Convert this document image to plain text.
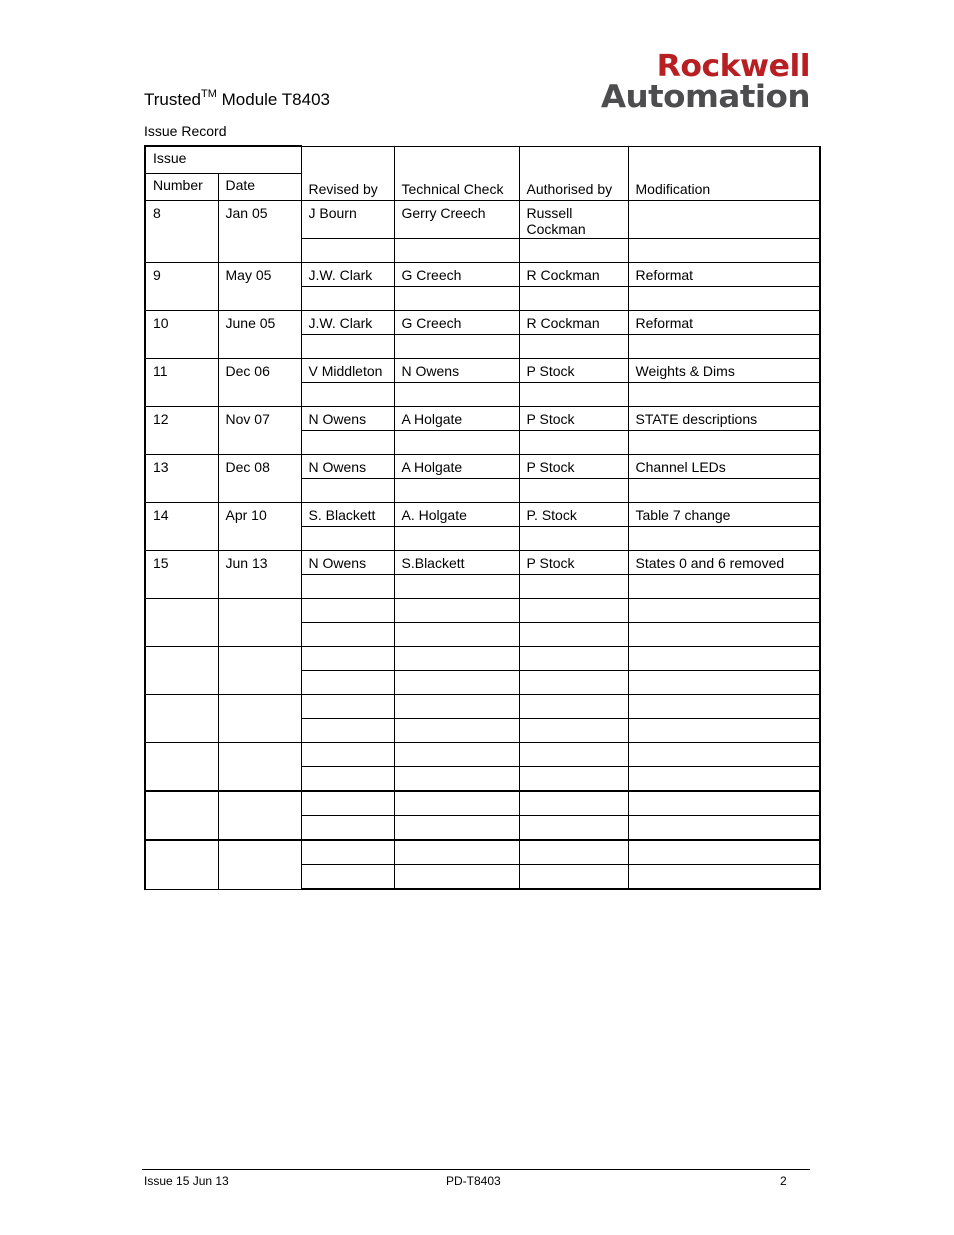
Trusted™ Module T8403
Rockwell
Automation
Issue Record
Issue		Revised by	Technical Check	Authorised by	Modification
Number	Date				
8	Jan 05	J Bourn	Gerry Creech	Russell Cockman	

9	May 05	J.W. Clark	G Creech	R Cockman	Reformat

10	June 05	J.W. Clark	G Creech	R Cockman	Reformat

11	Dec 06	V Middleton	N Owens	P Stock	Weights & Dims

12	Nov 07	N Owens	A Holgate	P Stock	STATE descriptions

13	Dec 08	N Owens	A Holgate	P Stock	Channel LEDs

14	Apr 10	S. Blackett	A. Holgate	P. Stock	Table 7 change

15	Jun 13	N Owens	S.Blackett	P Stock	States 0 and 6 removed

Issue 15 Jun 13	PD-T8403	2
